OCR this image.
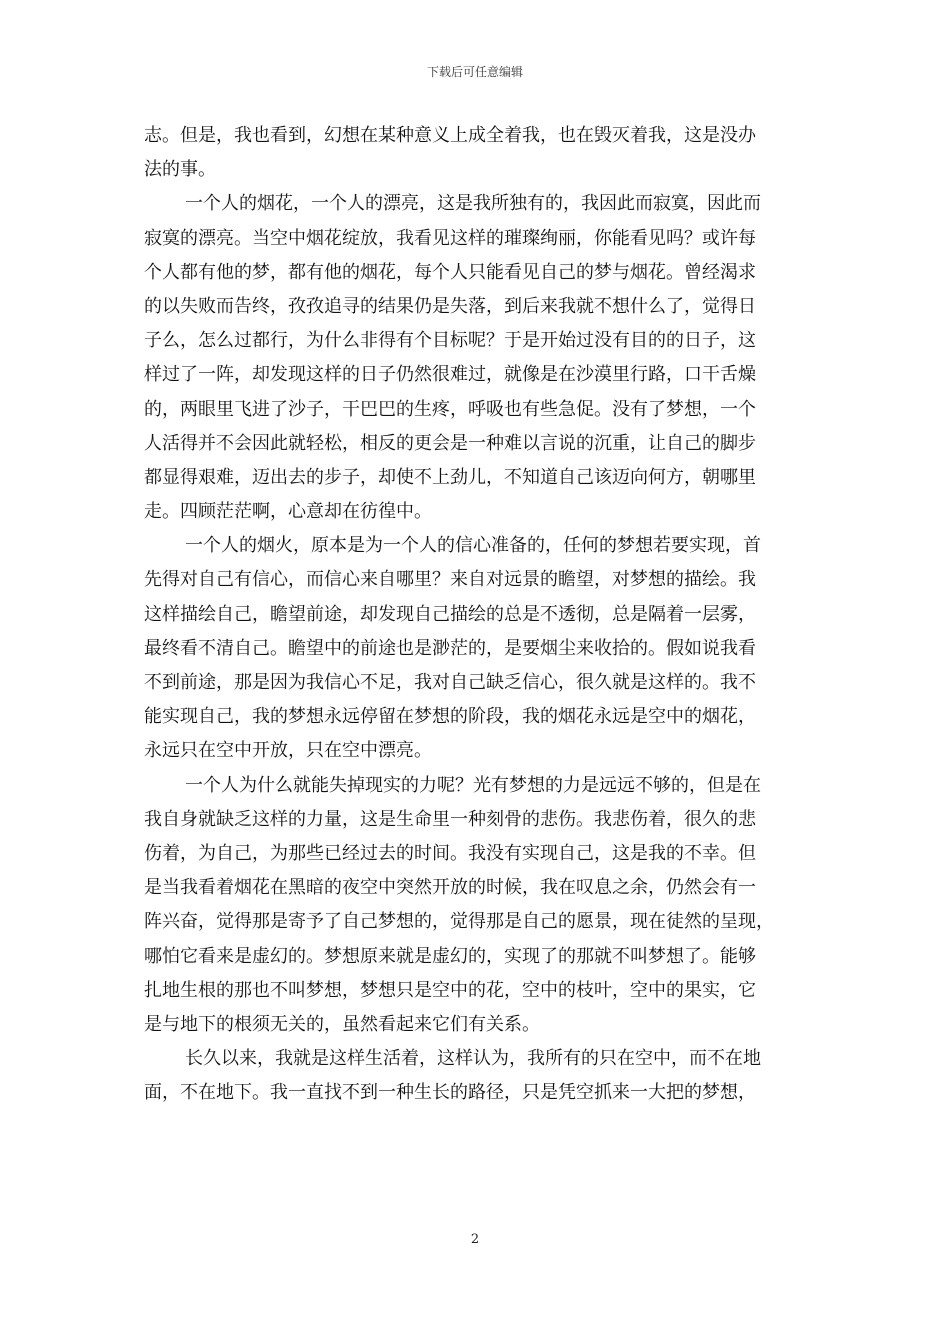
下载后可任意编辑
志。但是，我也看到，幻想在某种意义上成全着我，也在毁灭着我，这是没办
法的事。
一个人的烟花，一个人的漂亮，这是我所独有的，我因此而寂寞，因此而
寂寞的漂亮。当空中烟花绽放，我看见这样的璀璨绚丽，你能看见吗？或许每
个人都有他的梦，都有他的烟花，每个人只能看见自己的梦与烟花。曾经渴求
的以失败而告终，孜孜追寻的结果仍是失落，到后来我就不想什么了，觉得日
子么，怎么过都行，为什么非得有个目标呢？于是开始过没有目的的日子，这
样过了一阵，却发现这样的日子仍然很难过，就像是在沙漠里行路，口干舌燥
的，两眼里飞进了沙子，干巴巴的生疼，呼吸也有些急促。没有了梦想，一个
人活得并不会因此就轻松，相反的更会是一种难以言说的沉重，让自己的脚步
都显得艰难，迈出去的步子，却使不上劲儿，不知道自己该迈向何方，朝哪里
走。四顾茫茫啊，心意却在彷徨中。
一个人的烟火，原本是为一个人的信心准备的，任何的梦想若要实现，首
先得对自己有信心，而信心来自哪里？来自对远景的瞻望，对梦想的描绘。我
这样描绘自己，瞻望前途，却发现自己描绘的总是不透彻，总是隔着一层雾，
最终看不清自己。瞻望中的前途也是渺茫的，是要烟尘来收拾的。假如说我看
不到前途，那是因为我信心不足，我对自己缺乏信心，很久就是这样的。我不
能实现自己，我的梦想永远停留在梦想的阶段，我的烟花永远是空中的烟花，
永远只在空中开放，只在空中漂亮。
一个人为什么就能失掉现实的力呢？光有梦想的力是远远不够的，但是在
我自身就缺乏这样的力量，这是生命里一种刻骨的悲伤。我悲伤着，很久的悲
伤着，为自己，为那些已经过去的时间。我没有实现自己，这是我的不幸。但
是当我看着烟花在黑暗的夜空中突然开放的时候，我在叹息之余，仍然会有一
阵兴奋，觉得那是寄予了自己梦想的，觉得那是自己的愿景，现在徒然的呈现，
哪怕它看来是虚幻的。梦想原来就是虚幻的，实现了的那就不叫梦想了。能够
扎地生根的那也不叫梦想，梦想只是空中的花，空中的枝叶，空中的果实，它
是与地下的根须无关的，虽然看起来它们有关系。
长久以来，我就是这样生活着，这样认为，我所有的只在空中，而不在地
面，不在地下。我一直找不到一种生长的路径，只是凭空抓来一大把的梦想，
2
